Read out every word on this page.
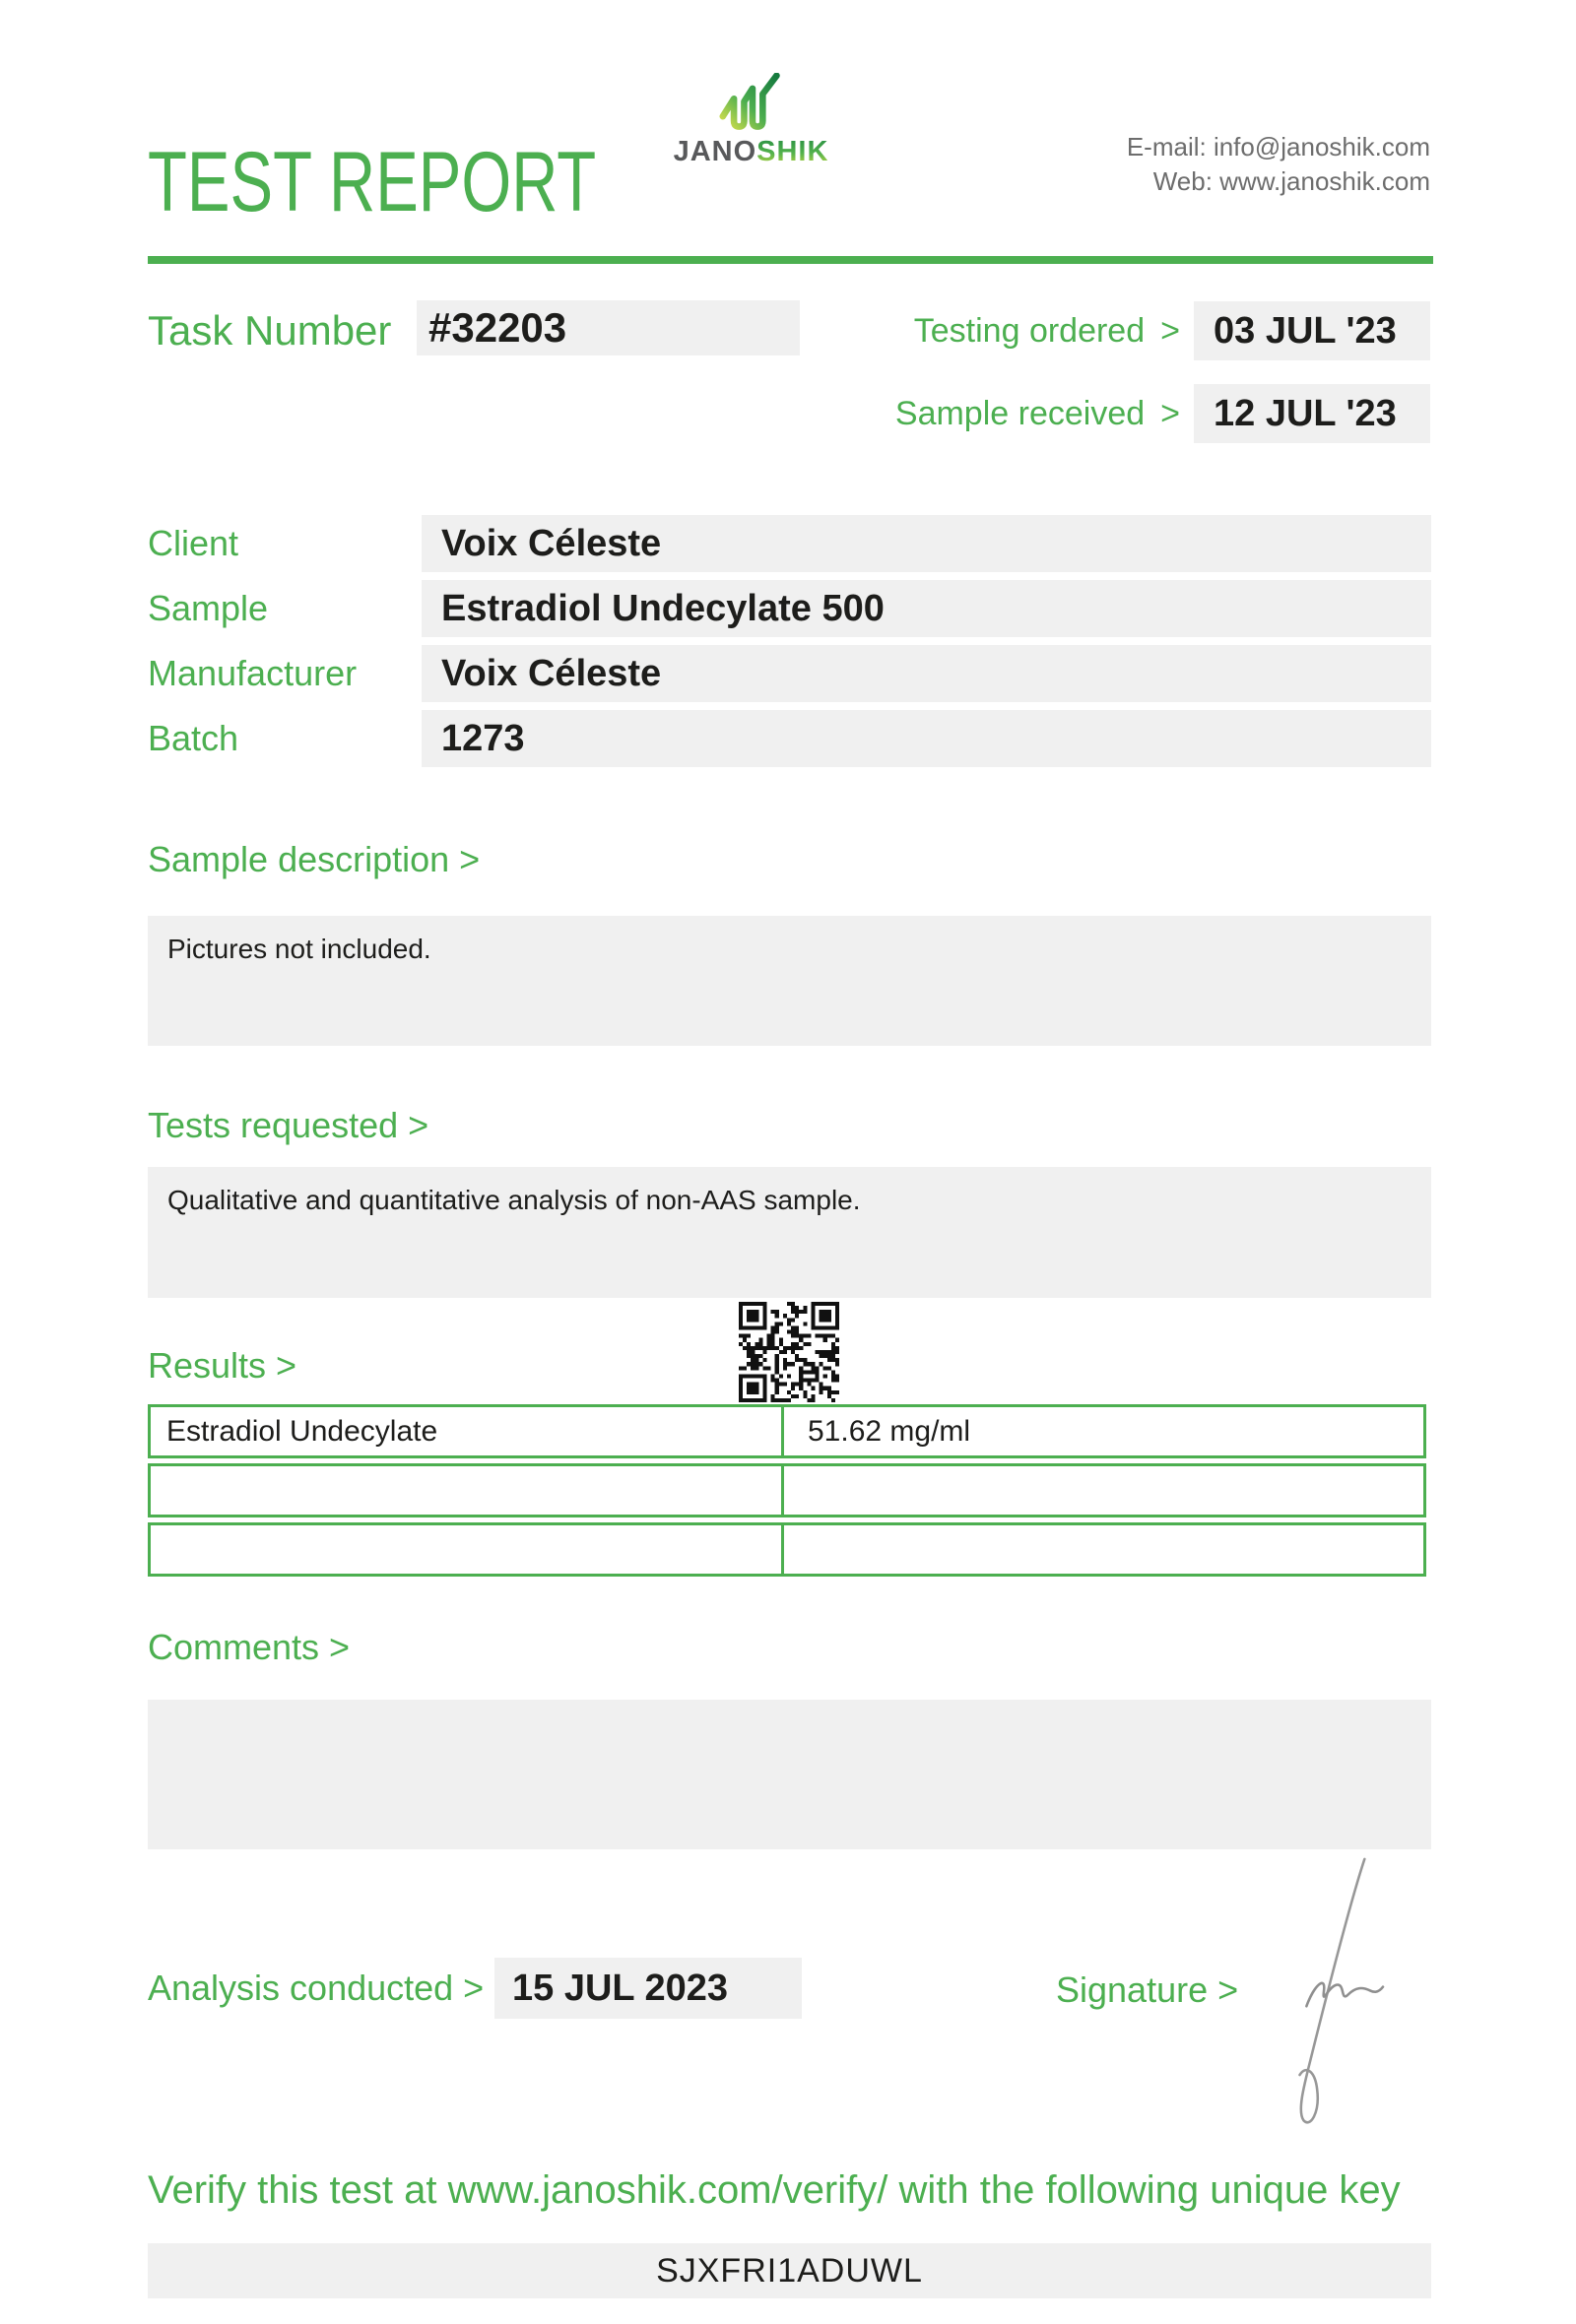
TEST REPORT	JANOSHIK	E-mail: info@janoshik.com
Web: www.janoshik.com
Task Number #32203	Testing ordered > 03 JUL '23
Sample received > 12 JUL '23
Client	Voix Céleste
Sample	Estradiol Undecylate 500
Manufacturer	Voix Céleste
Batch	1273
Sample description >
Pictures not included.
Tests requested >
Qualitative and quantitative analysis of non-AAS sample.
Results >
Estradiol Undecylate	51.62 mg/ml
Comments >
Analysis conducted > 15 JUL 2023	Signature >
Verify this test at www.janoshik.com/verify/ with the following unique key
SJXFRI1ADUWL
